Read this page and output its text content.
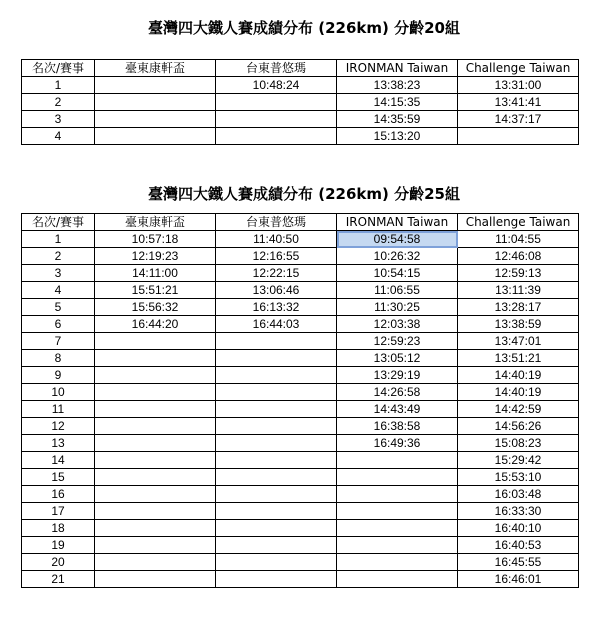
臺灣四大鐵人賽成績分布 (226km) 分齡20組
名次/賽事	臺東康軒盃	台東普悠瑪	IRONMAN Taiwan	Challenge Taiwan
1		10:48:24	13:38:23	13:31:00
2			14:15:35	13:41:41
3			14:35:59	14:37:17
4			15:13:20	
臺灣四大鐵人賽成績分布 (226km) 分齡25組
名次/賽事	臺東康軒盃	台東普悠瑪	IRONMAN Taiwan	Challenge Taiwan
1	10:57:18	11:40:50	09:54:58	11:04:55
2	12:19:23	12:16:55	10:26:32	12:46:08
3	14:11:00	12:22:15	10:54:15	12:59:13
4	15:51:21	13:06:46	11:06:55	13:11:39
5	15:56:32	16:13:32	11:30:25	13:28:17
6	16:44:20	16:44:03	12:03:38	13:38:59
7			12:59:23	13:47:01
8			13:05:12	13:51:21
9			13:29:19	14:40:19
10			14:26:58	14:40:19
11			14:43:49	14:42:59
12			16:38:58	14:56:26
13			16:49:36	15:08:23
14				15:29:42
15				15:53:10
16				16:03:48
17				16:33:30
18				16:40:10
19				16:40:53
20				16:45:55
21				16:46:01
